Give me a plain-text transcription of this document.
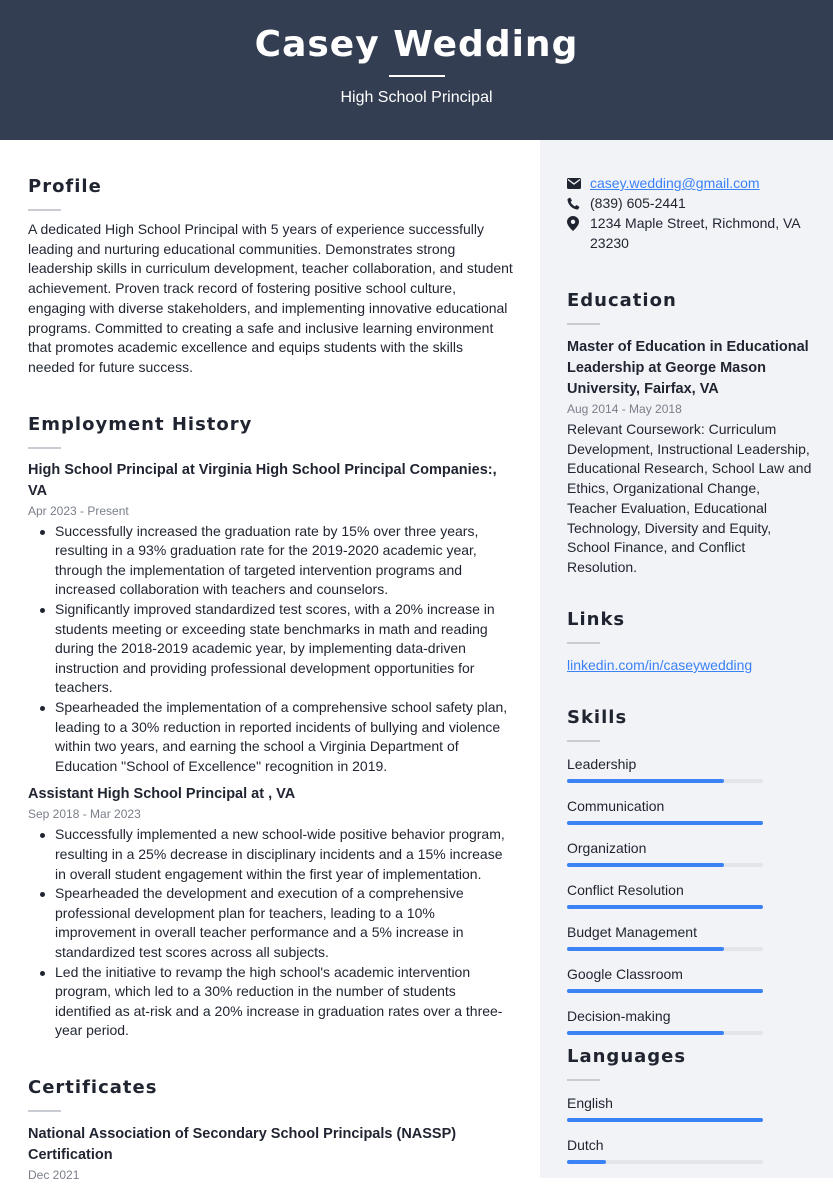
Casey Wedding
High School Principal
Profile
A dedicated High School Principal with 5 years of experience successfully leading and nurturing educational communities. Demonstrates strong leadership skills in curriculum development, teacher collaboration, and student achievement. Proven track record of fostering positive school culture, engaging with diverse stakeholders, and implementing innovative educational programs. Committed to creating a safe and inclusive learning environment that promotes academic excellence and equips students with the skills needed for future success.
Employment History
High School Principal at Virginia High School Principal Companies:, VA
Apr 2023 - Present
Successfully increased the graduation rate by 15% over three years, resulting in a 93% graduation rate for the 2019-2020 academic year, through the implementation of targeted intervention programs and increased collaboration with teachers and counselors.
Significantly improved standardized test scores, with a 20% increase in students meeting or exceeding state benchmarks in math and reading during the 2018-2019 academic year, by implementing data-driven instruction and providing professional development opportunities for teachers.
Spearheaded the implementation of a comprehensive school safety plan, leading to a 30% reduction in reported incidents of bullying and violence within two years, and earning the school a Virginia Department of Education "School of Excellence" recognition in 2019.
Assistant High School Principal at , VA
Sep 2018 - Mar 2023
Successfully implemented a new school-wide positive behavior program, resulting in a 25% decrease in disciplinary incidents and a 15% increase in overall student engagement within the first year of implementation.
Spearheaded the development and execution of a comprehensive professional development plan for teachers, leading to a 10% improvement in overall teacher performance and a 5% increase in standardized test scores across all subjects.
Led the initiative to revamp the high school's academic intervention program, which led to a 30% reduction in the number of students identified as at-risk and a 20% increase in graduation rates over a three-year period.
Certificates
National Association of Secondary School Principals (NASSP) Certification
Dec 2021
casey.wedding@gmail.com
(839) 605-2441
1234 Maple Street, Richmond, VA 23230
Education
Master of Education in Educational Leadership at George Mason University, Fairfax, VA
Aug 2014 - May 2018
Relevant Coursework: Curriculum Development, Instructional Leadership, Educational Research, School Law and Ethics, Organizational Change, Teacher Evaluation, Educational Technology, Diversity and Equity, School Finance, and Conflict Resolution.
Links
linkedin.com/in/caseywedding
Skills
Leadership
Communication
Organization
Conflict Resolution
Budget Management
Google Classroom
Decision-making
Languages
English
Dutch
